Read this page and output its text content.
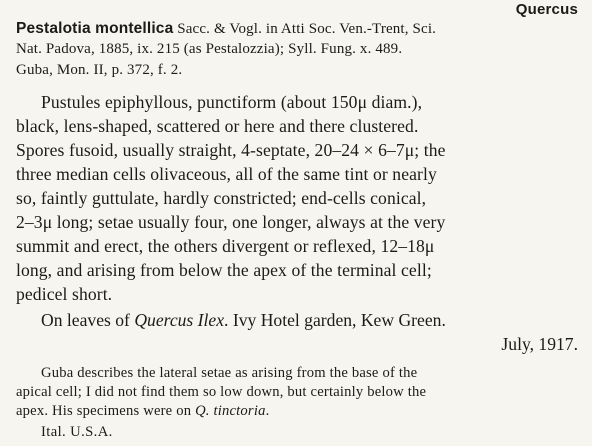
Quercus
Pestalotia montellica Sacc. & Vogl. in Atti Soc. Ven.-Trent, Sci.
Nat. Padova, 1885, ix. 215 (as Pestalozzia); Syll. Fung. x. 489.
Guba, Mon. II, p. 372, f. 2.
Pustules epiphyllous, punctiform (about 150μ diam.),
black, lens-shaped, scattered or here and there clustered.
Spores fusoid, usually straight, 4-septate, 20–24 × 6–7μ; the
three median cells olivaceous, all of the same tint or nearly
so, faintly guttulate, hardly constricted; end-cells conical,
2–3μ long; setae usually four, one longer, always at the very
summit and erect, the others divergent or reflexed, 12–18μ
long, and arising from below the apex of the terminal cell;
pedicel short.
On leaves of Quercus Ilex. Ivy Hotel garden, Kew Green.
July, 1917.
Guba describes the lateral setae as arising from the base of the
apical cell; I did not find them so low down, but certainly below the
apex. His specimens were on Q. tinctoria.
Ital. U.S.A.
